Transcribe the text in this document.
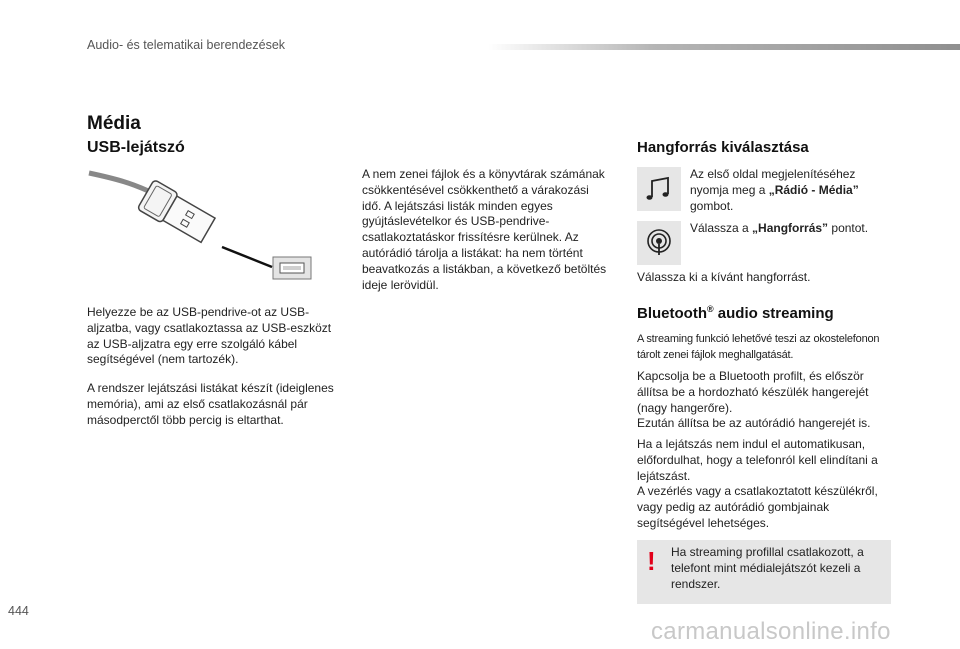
Audio- és telematikai berendezések
Média
USB-lejátszó

Helyezze be az USB-pendrive-ot az USB-aljzatba, vagy csatlakoztassa az USB-eszközt az USB-aljzatra egy erre szolgáló kábel segítségével (nem tartozék).

A rendszer lejátszási listákat készít (ideiglenes memória), ami az első csatlakozásnál pár másodperctől több percig is eltarthat.

A nem zenei fájlok és a könyvtárak számának csökkentésével csökkenthető a várakozási idő. A lejátszási listák minden egyes gyújtáslevételkor és USB-pendrive-csatlakoztatáskor frissítésre kerülnek. Az autórádió tárolja a listákat: ha nem történt beavatkozás a listákban, a következő betöltés ideje lerövidül.

Hangforrás kiválasztása

Az első oldal megjelenítéséhez nyomja meg a „Rádió - Média” gombot.

Válassza a „Hangforrás” pontot.

Válassza ki a kívánt hangforrást.

Bluetooth® audio streaming

A streaming funkció lehetővé teszi az okostelefonon tárolt zenei fájlok meghallgatását.

Kapcsolja be a Bluetooth profilt, és először állítsa be a hordozható készülék hangerejét (nagy hangerőre).

Ezután állítsa be az autórádió hangerejét is.

Ha a lejátszás nem indul el automatikusan, előfordulhat, hogy a telefonról kell elindítani a lejátszást.

A vezérlés vagy a csatlakoztatott készülékről, vagy pedig az autórádió gombjainak segítségével lehetséges.

! Ha streaming profillal csatlakozott, a telefont mint médialejátszót kezeli a rendszer.

444
carmanualsonline.info
